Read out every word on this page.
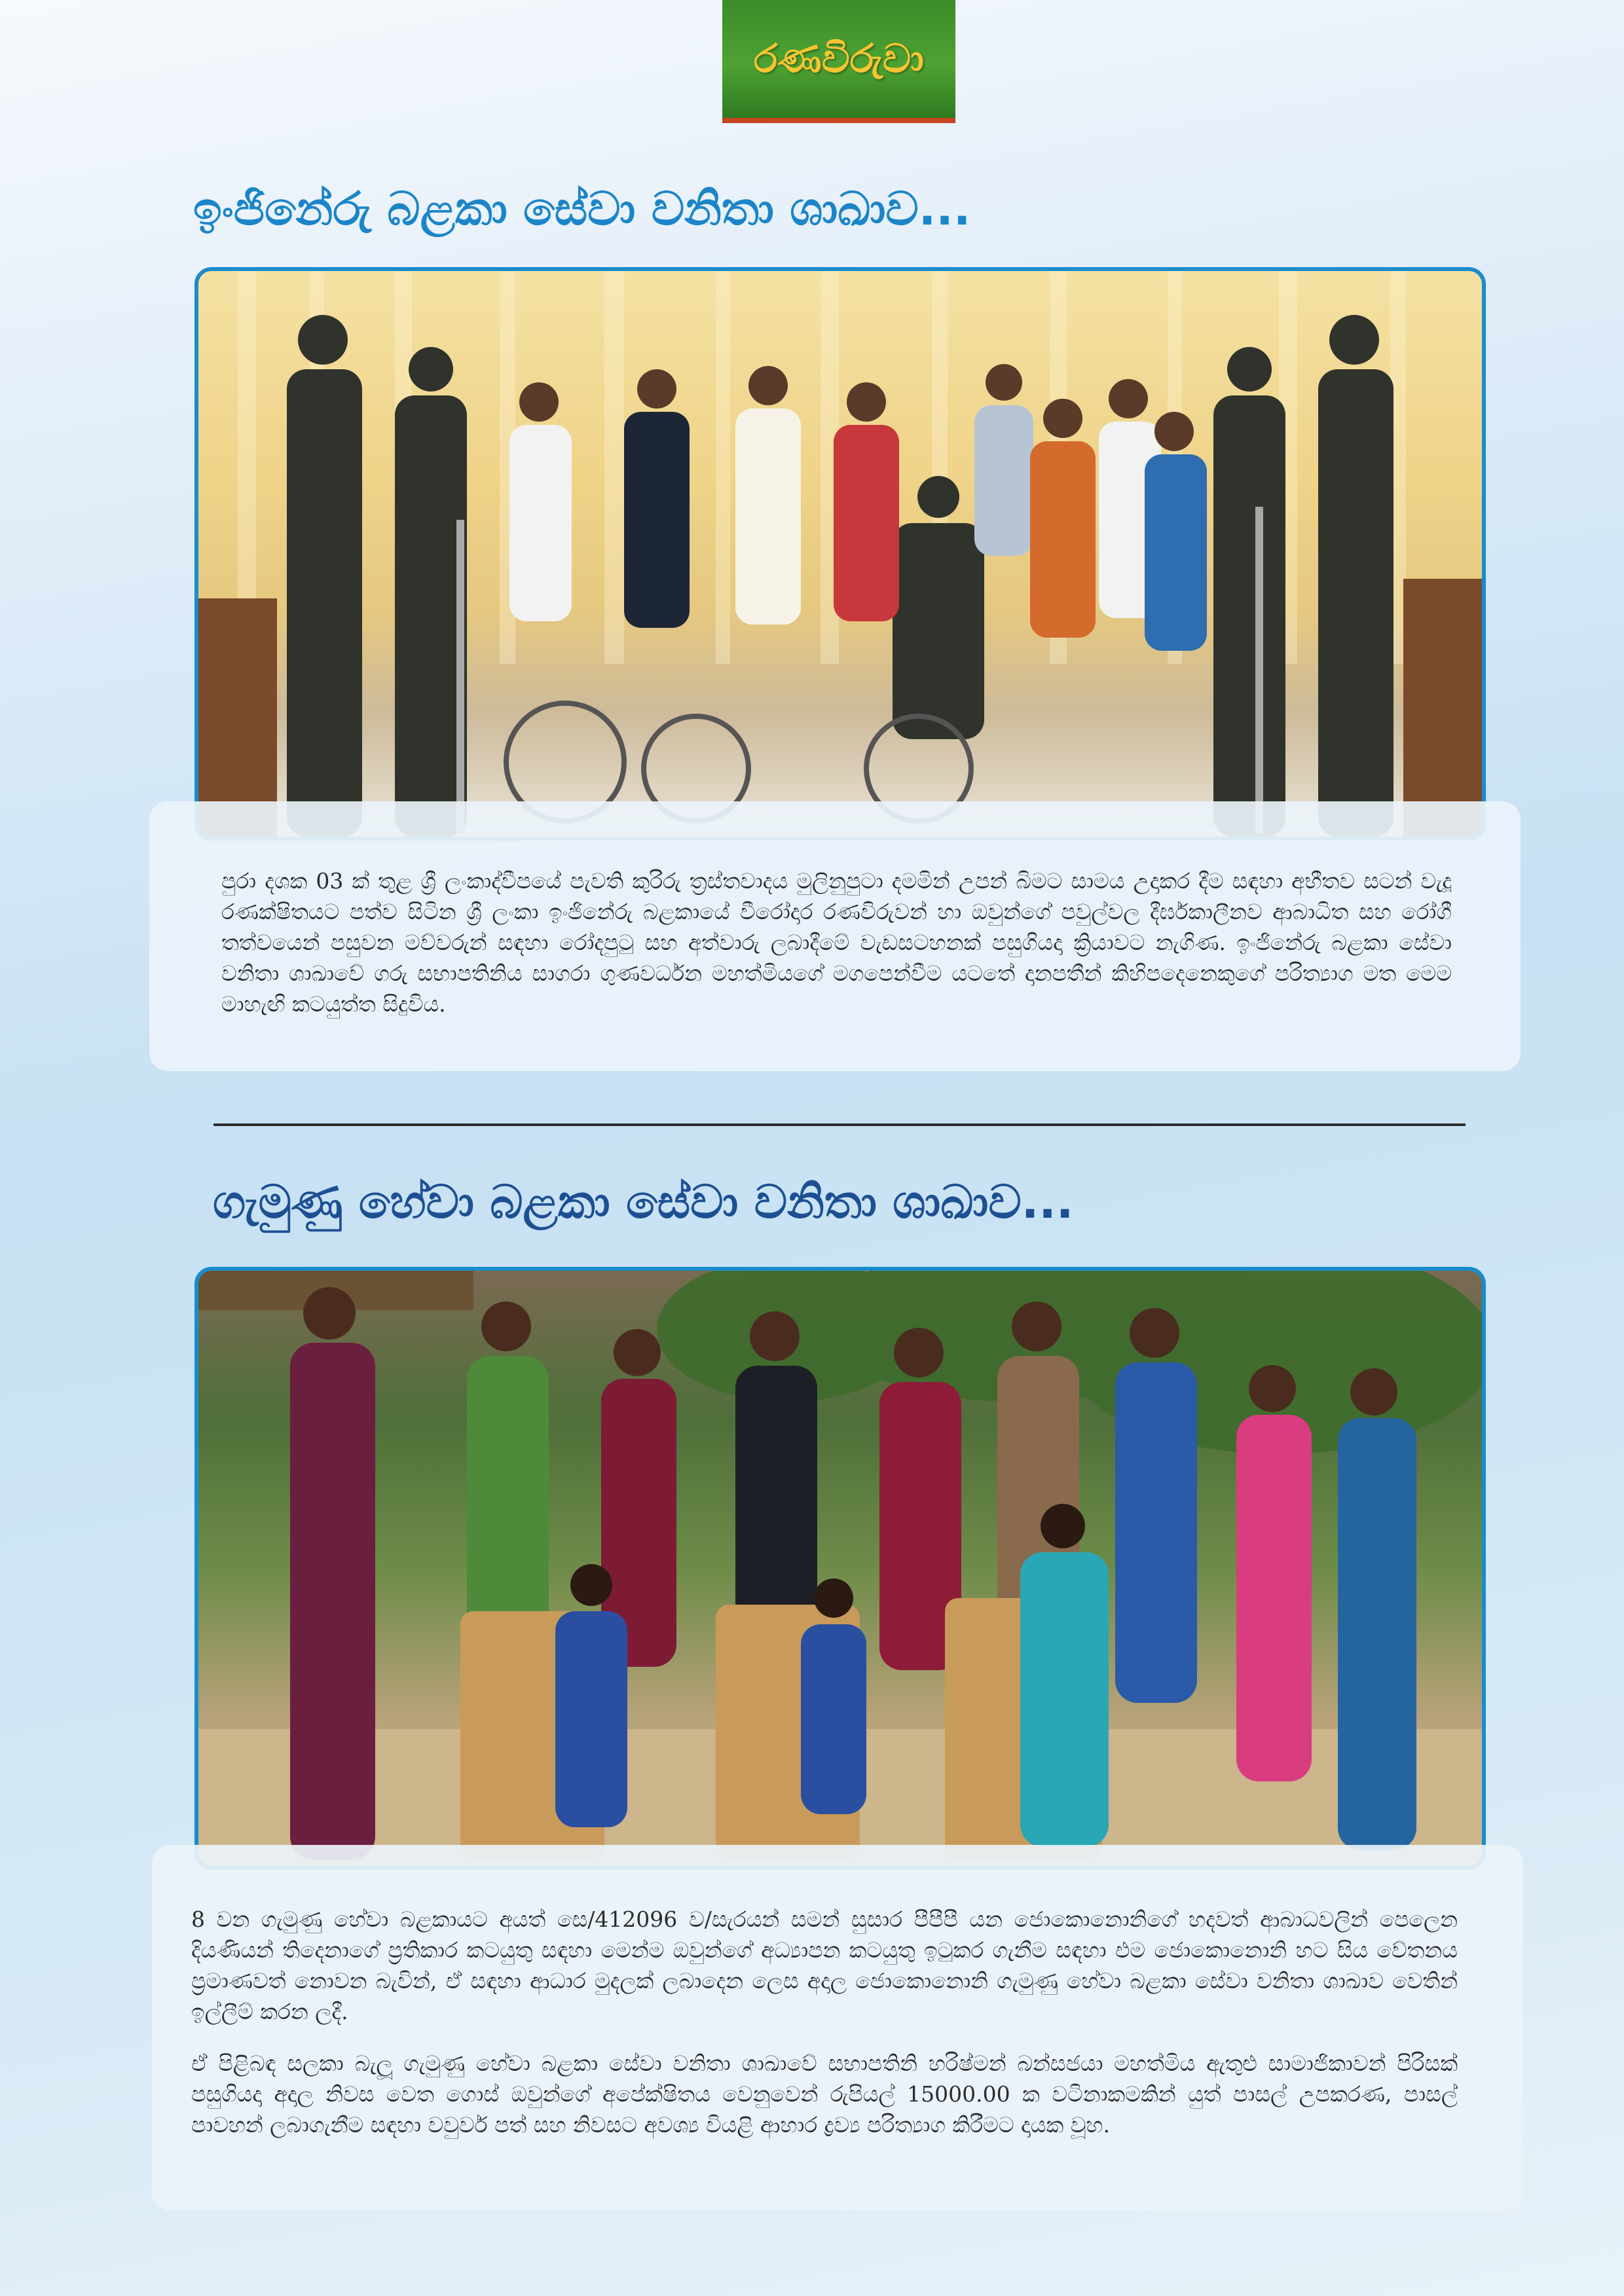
රණවිරුවා
ඉංජිනේරු බළකා සේවා වනිතා ශාඛාව...

පුරා දශක 03 ක් තුළ ශ්‍රී ලංකාද්වීපයේ පැවති කුරිරු ත්‍රස්තවාදය මුලිනුපුටා දමමින් උපන් බිමට සාමය උදාකර දීම සඳහා අභීතව සටන් වැදූ රණක්ෂිතයට පත්ව සිටින ශ්‍රී ලංකා ඉංජිනේරු බළකායේ වීරෝදාර රණවිරුවන් හා ඔවුන්ගේ පවුල්වල දීර්ඝකාලීනව ආබාධිත සහ රෝගී තත්වයෙන් පසුවන මව්වරුන් සඳහා රෝදපුටු සහ අත්වාරු ලබාදීමේ වැඩසටහනක් පසුගියදා ක්‍රියාවට නැගිණ. ඉංජිනේරු බළකා සේවා වනිතා ශාඛාවේ ගරු සභාපතිනිය සාගරා ගුණවර්ධන මහත්මියගේ මගපෙන්වීම යටතේ දානපතීන් කිහිපදෙනෙකුගේ පරිත්‍යාග මත මෙම මාහැඟි කටයුත්ත සිදුවිය.

ගැමුණු හේවා බළකා සේවා වනිතා ශාඛාව...

8 වන ගැමුණු හේවා බළකායට අයත් සෙ/412096 ව/සැරයන් සමන් සුසාර පීපීපී යන ජොකොනොනිගේ හදවත් ආබාධවලින් පෙලෙන දියණියන් තිදෙනාගේ ප්‍රතිකාර කටයුතු සඳහා මෙන්ම ඔවුන්ගේ අධ්‍යාපන කටයුතු ඉටුකර ගැනීම සඳහා එම ජොකොනොනි හට සිය වේතනය ප්‍රමාණවත් නොවන බැවින්, ඒ සඳහා ආධාර මුදලක් ලබාදෙන ලෙස අදාල ජොකොනොනි ගැමුණු හේවා බළකා සේවා වනිතා ශාඛාව වෙතින් ඉල්ලීම් කරන ලදී.

ඒ පිළිබඳ සලකා බැලූ ගැමුණු හේවා බළකා සේවා වනිතා ශාඛාවේ සභාපතිනි හරිෂ්මන් බන්සජයා මහත්මිය ඇතුළු සාමාජිකාවන් පිරිසක් පසුගියදා අදාල නිවස වෙත ගොස් ඔවුන්ගේ අපේක්ෂිතය වෙනුවෙන් රුපියල් 15000.00 ක වටිනාකමකින් යුත් පාසල් උපකරණ, පාසල් පාවහන් ලබාගැනීම සඳහා වවුවර් පත් සහ නිවසට අවශ්‍ය වියළි ආහාර ද්‍රව්‍ය පරිත්‍යාග කිරීමට දායක වූහ.
